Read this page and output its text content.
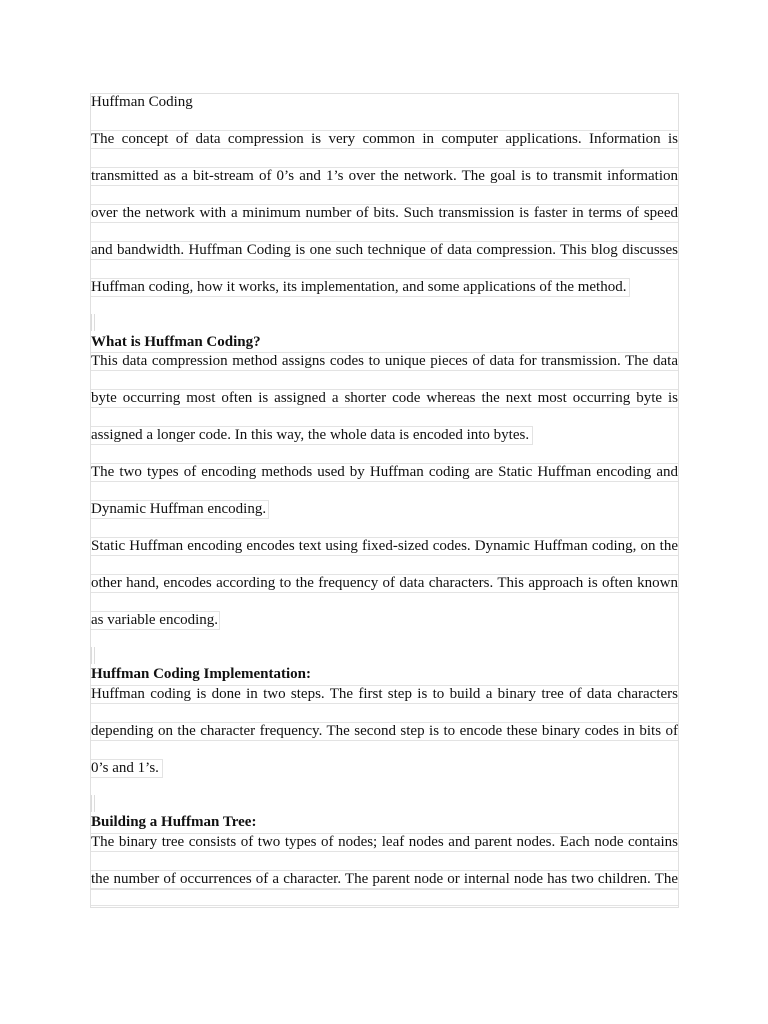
Huffman Coding
The concept of data compression is very common in computer applications. Information is
transmitted as a bit-stream of 0’s and 1’s over the network. The goal is to transmit information
over the network with a minimum number of bits. Such transmission is faster in terms of speed
and bandwidth. Huffman Coding is one such technique of data compression. This blog discusses
Huffman coding, how it works, its implementation, and some applications of the method.
What is Huffman Coding?
This data compression method assigns codes to unique pieces of data for transmission. The data
byte occurring most often is assigned a shorter code whereas the next most occurring byte is
assigned a longer code. In this way, the whole data is encoded into bytes.
The two types of encoding methods used by Huffman coding are Static Huffman encoding and
Dynamic Huffman encoding.
Static Huffman encoding encodes text using fixed-sized codes. Dynamic Huffman coding, on the
other hand, encodes according to the frequency of data characters. This approach is often known
as variable encoding.
Huffman Coding Implementation:
Huffman coding is done in two steps. The first step is to build a binary tree of data characters
depending on the character frequency. The second step is to encode these binary codes in bits of
0’s and 1’s.
Building a Huffman Tree:
The binary tree consists of two types of nodes; leaf nodes and parent nodes. Each node contains
the number of occurrences of a character. The parent node or internal node has two children. The
